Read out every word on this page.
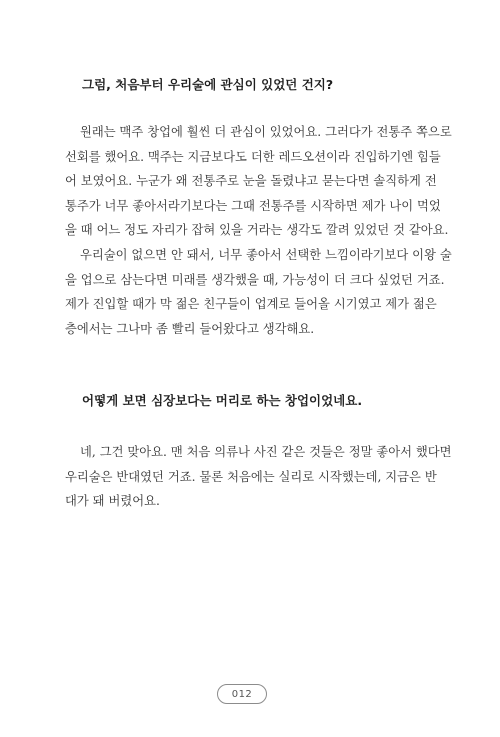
그럼, 처음부터 우리술에 관심이 있었던 건지?
원래는 맥주 창업에 훨씬 더 관심이 있었어요. 그러다가 전통주 쪽으로
선회를 했어요. 맥주는 지금보다도 더한 레드오션이라 진입하기엔 힘들
어 보였어요. 누군가 왜 전통주로 눈을 돌렸냐고 묻는다면 솔직하게 전
통주가 너무 좋아서라기보다는 그때 전통주를 시작하면 제가 나이 먹었
을 때 어느 정도 자리가 잡혀 있을 거라는 생각도 깔려 있었던 것 같아요.
우리술이 없으면 안 돼서, 너무 좋아서 선택한 느낌이라기보다 이왕 술
을 업으로 삼는다면 미래를 생각했을 때, 가능성이 더 크다 싶었던 거죠.
제가 진입할 때가 막 젊은 친구들이 업계로 들어올 시기였고 제가 젊은
층에서는 그나마 좀 빨리 들어왔다고 생각해요.
어떻게 보면 심장보다는 머리로 하는 창업이었네요.
네, 그건 맞아요. 맨 처음 의류나 사진 같은 것들은 정말 좋아서 했다면
우리술은 반대였던 거죠. 물론 처음에는 실리로 시작했는데, 지금은 반
대가 돼 버렸어요.
012
